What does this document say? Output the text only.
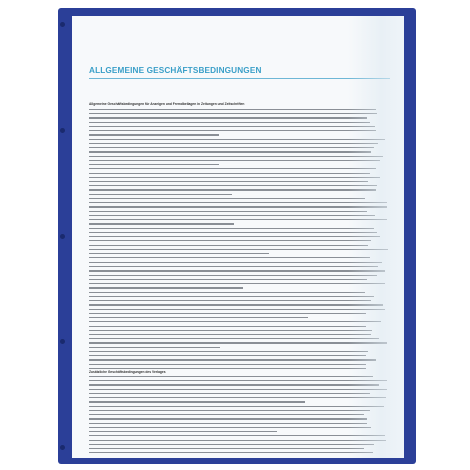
ALLGEMEINE GESCHÄFTSBEDINGUNGEN
Allgemeine Geschäftsbedingungen für Anzeigen und Fremdbeilagen in Zeitungen und Zeitschriften
Zusätzliche Geschäftsbedingungen des Verlages
